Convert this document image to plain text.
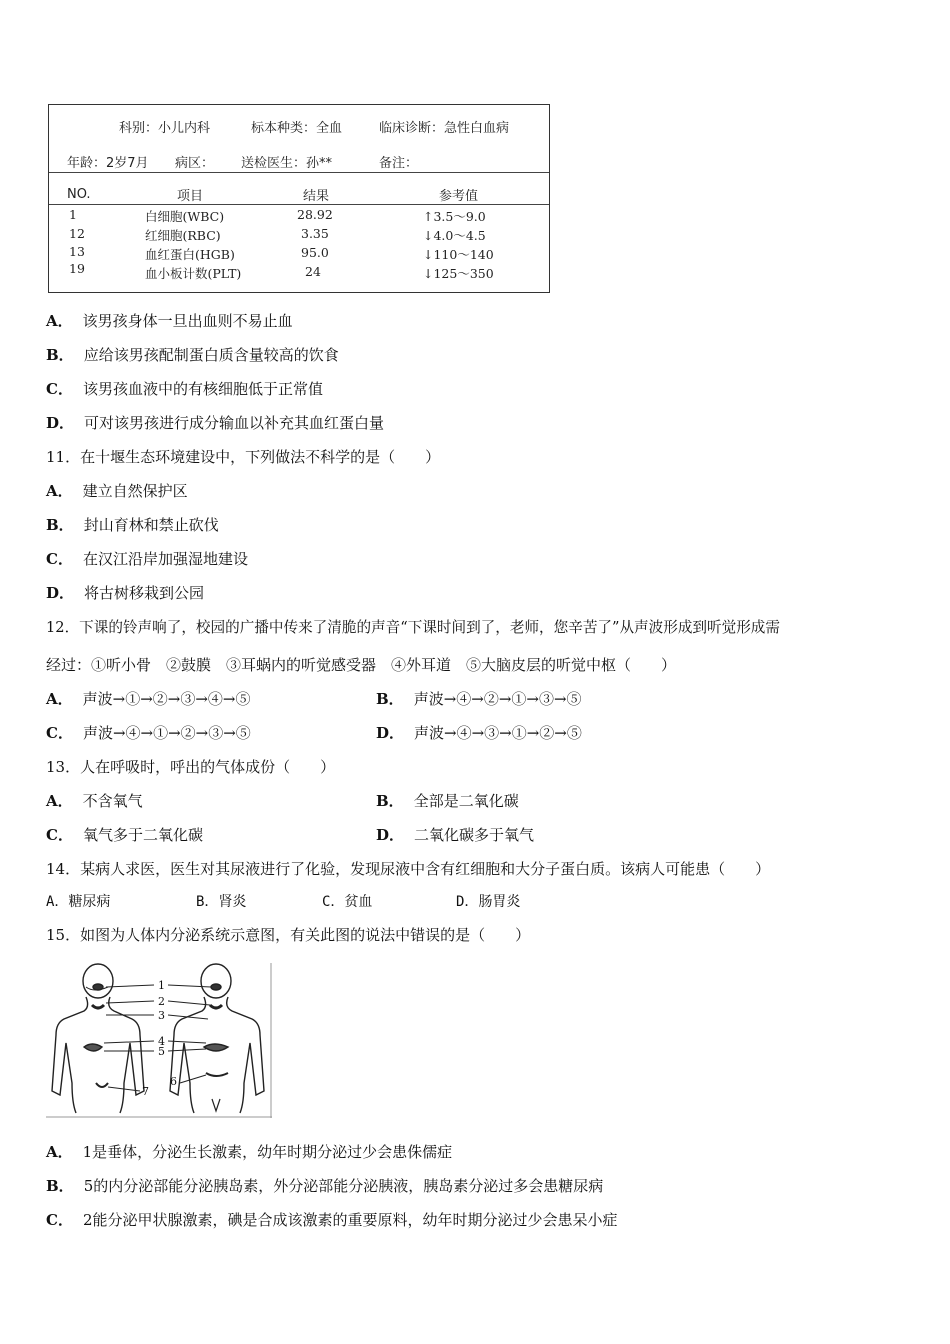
科别：小儿内科	标本种类：全血	临床诊断：急性白血病
年龄：2岁7月 病区： 送检医生：孙**	备注：
NO.	项目	结果	参考值
1	白细胞(WBC)	28.92	↑3.5～9.0
12	红细胞(RBC)	3.35	↓4.0～4.5
13	血红蛋白(HGB)	95.0	↓110～140
19	血小板计数(PLT)	24	↓125～350
A． 该男孩身体一旦出血则不易止血
B． 应给该男孩配制蛋白质含量较高的饮食
C． 该男孩血液中的有核细胞低于正常值
D． 可对该男孩进行成分输血以补充其血红蛋白量
11．在十堰生态环境建设中，下列做法不科学的是（　　）
A． 建立自然保护区
B． 封山育林和禁止砍伐
C． 在汉江沿岸加强湿地建设
D． 将古树移栽到公园
12．下课的铃声响了，校园的广播中传来了清脆的声音“下课时间到了，老师，您辛苦了”从声波形成到听觉形成需
经过：①听小骨　②鼓膜　③耳蜗内的听觉感受器　④外耳道　⑤大脑皮层的听觉中枢（　　）
A． 声波→①→②→③→④→⑤	B． 声波→④→②→①→③→⑤
C． 声波→④→①→②→③→⑤	D． 声波→④→③→①→②→⑤
13．人在呼吸时，呼出的气体成份（　　）
A． 不含氧气	B． 全部是二氧化碳
C． 氧气多于二氧化碳	D． 二氧化碳多于氧气
14．某病人求医，医生对其尿液进行了化验，发现尿液中含有红细胞和大分子蛋白质。该病人可能患（　　）
A．糖尿病	B．肾炎	C．贫血	D．肠胃炎
15．如图为人体内分泌系统示意图，有关此图的说法中错误的是（　　）
1
2
3
4
5
6
7
A． 1是垂体，分泌生长激素，幼年时期分泌过少会患侏儒症
B． 5的内分泌部能分泌胰岛素，外分泌部能分泌胰液，胰岛素分泌过多会患糖尿病
C． 2能分泌甲状腺激素，碘是合成该激素的重要原料，幼年时期分泌过少会患呆小症
